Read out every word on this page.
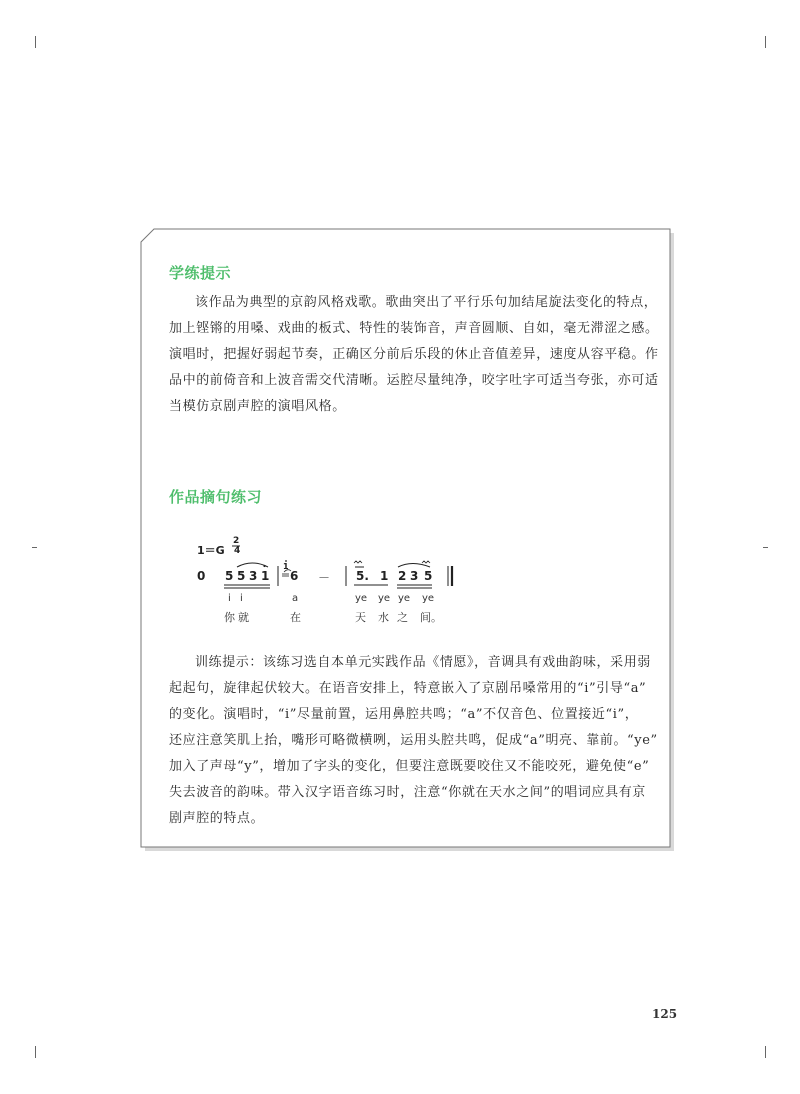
学练提示
该作品为典型的京韵风格戏歌。歌曲突出了平行乐句加结尾旋法变化的特点，
加上铿锵的用嗓、戏曲的板式、特性的装饰音，声音圆顺、自如，毫无滞涩之感。
演唱时，把握好弱起节奏，正确区分前后乐段的休止音值差异，速度从容平稳。作
品中的前倚音和上波音需交代清晰。运腔尽量纯净，咬字吐字可适当夸张，亦可适
当模仿京剧声腔的演唱风格。
作品摘句练习
1＝G
2
4
0 5 5 3 1
1
6 － 5. 1 2 3 5
i i	a	ye ye ye ye
你 就	在	天 水 之 间。
训练提示：该练习选自本单元实践作品《情愿》，音调具有戏曲韵味，采用弱
起起句，旋律起伏较大。在语音安排上，特意嵌入了京剧吊嗓常用的“i”引导“a”
的变化。演唱时，“i”尽量前置，运用鼻腔共鸣；“a”不仅音色、位置接近“i”，
还应注意笑肌上抬，嘴形可略微横咧，运用头腔共鸣，促成“a”明亮、靠前。“ye”
加入了声母“y”，增加了字头的变化，但要注意既要咬住又不能咬死，避免使“e”
失去波音的韵味。带入汉字语音练习时，注意“你就在天水之间”的唱词应具有京
剧声腔的特点。
125
